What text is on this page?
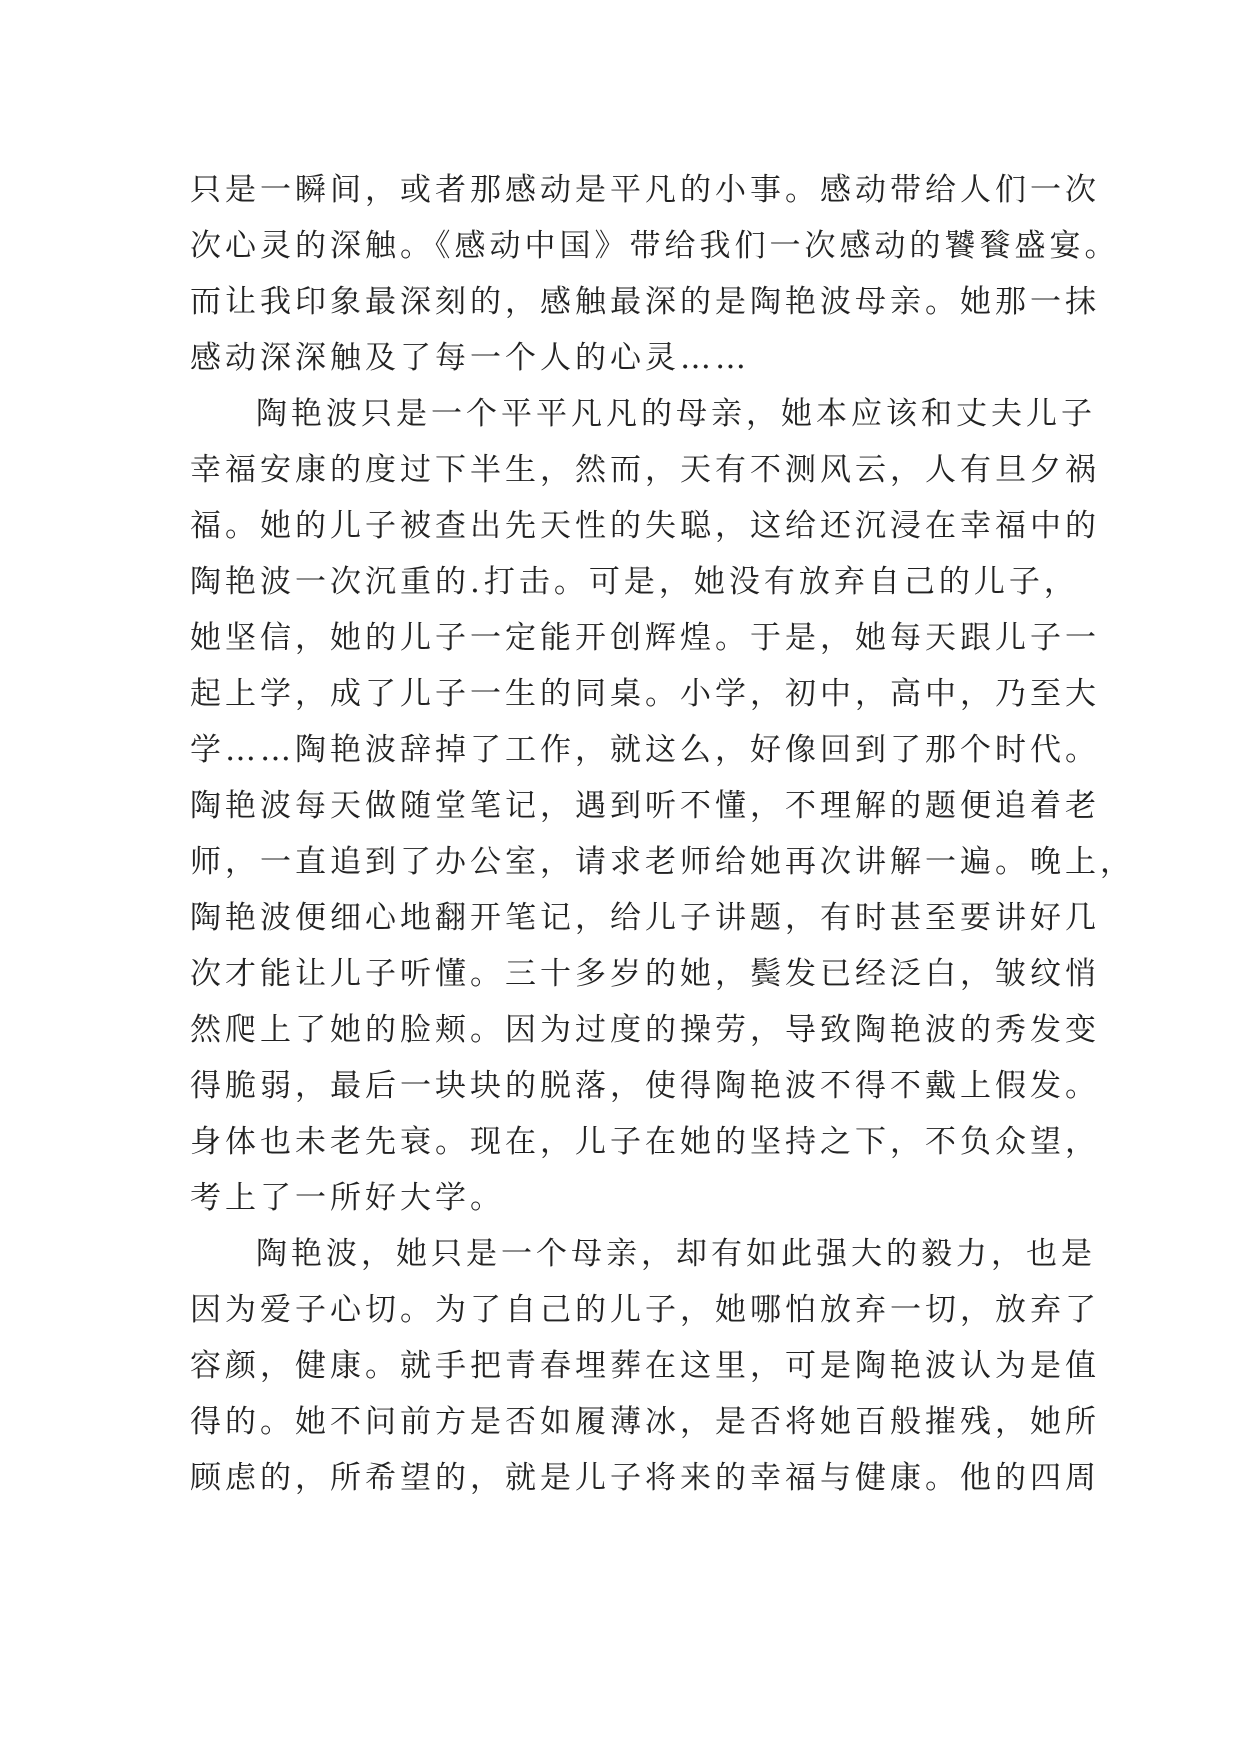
只是一瞬间，或者那感动是平凡的小事。感动带给人们一次
次心灵的深触。《感动中国》带给我们一次感动的饕餮盛宴。
而让我印象最深刻的，感触最深的是陶艳波母亲。她那一抹
感动深深触及了每一个人的心灵……
陶艳波只是一个平平凡凡的母亲，她本应该和丈夫儿子
幸福安康的度过下半生，然而，天有不测风云，人有旦夕祸
福。她的儿子被查出先天性的失聪，这给还沉浸在幸福中的
陶艳波一次沉重的.打击。可是，她没有放弃自己的儿子，
她坚信，她的儿子一定能开创辉煌。于是，她每天跟儿子一
起上学，成了儿子一生的同桌。小学，初中，高中，乃至大
学……陶艳波辞掉了工作，就这么，好像回到了那个时代。
陶艳波每天做随堂笔记，遇到听不懂，不理解的题便追着老
师，一直追到了办公室，请求老师给她再次讲解一遍。晚上，
陶艳波便细心地翻开笔记，给儿子讲题，有时甚至要讲好几
次才能让儿子听懂。三十多岁的她，鬓发已经泛白，皱纹悄
然爬上了她的脸颊。因为过度的操劳，导致陶艳波的秀发变
得脆弱，最后一块块的脱落，使得陶艳波不得不戴上假发。
身体也未老先衰。现在，儿子在她的坚持之下，不负众望，
考上了一所好大学。
陶艳波，她只是一个母亲，却有如此强大的毅力，也是
因为爱子心切。为了自己的儿子，她哪怕放弃一切，放弃了
容颜，健康。就手把青春埋葬在这里，可是陶艳波认为是值
得的。她不问前方是否如履薄冰，是否将她百般摧残，她所
顾虑的，所希望的，就是儿子将来的幸福与健康。他的四周
